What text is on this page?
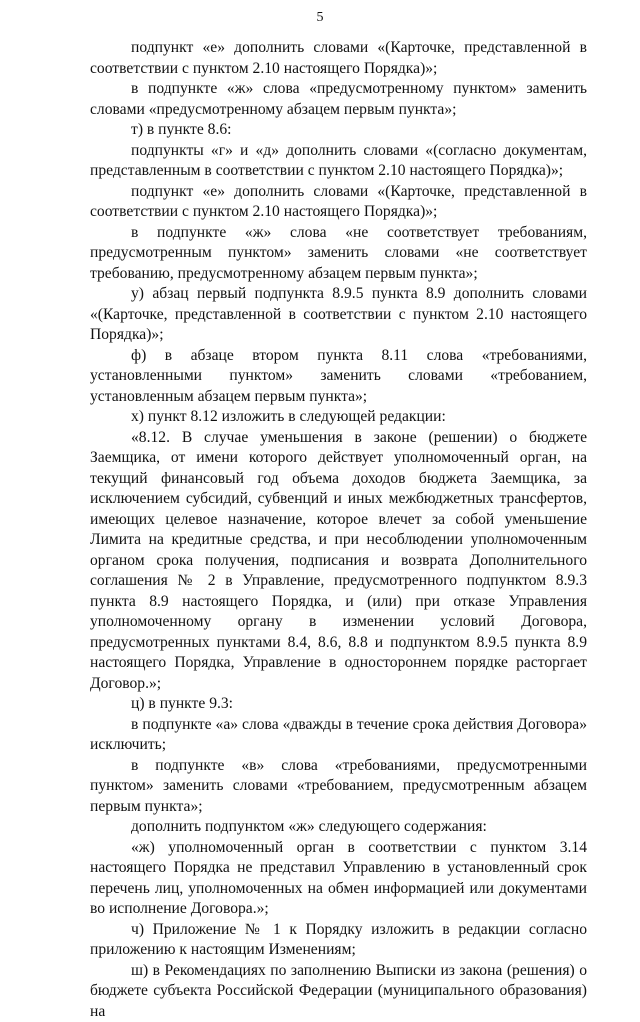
5

подпункт «е» дополнить словами «(Карточке, представленной в соответствии с пунктом 2.10 настоящего Порядка)»;

в подпункте «ж» слова «предусмотренному пунктом» заменить словами «предусмотренному абзацем первым пункта»;

т) в пункте 8.6:

подпункты «г» и «д» дополнить словами «(согласно документам, представленным в соответствии с пунктом 2.10 настоящего Порядка)»;

подпункт «е» дополнить словами «(Карточке, представленной в соответствии с пунктом 2.10 настоящего Порядка)»;

в подпункте «ж» слова «не соответствует требованиям, предусмотренным пунктом» заменить словами «не соответствует требованию, предусмотренному абзацем первым пункта»;

у) абзац первый подпункта 8.9.5 пункта 8.9 дополнить словами «(Карточке, представленной в соответствии с пунктом 2.10 настоящего Порядка)»;

ф) в абзаце втором пункта 8.11 слова «требованиями, установленными пунктом» заменить словами «требованием, установленным абзацем первым пункта»;

х) пункт 8.12 изложить в следующей редакции:

«8.12. В случае уменьшения в законе (решении) о бюджете Заемщика, от имени которого действует уполномоченный орган, на текущий финансовый год объема доходов бюджета Заемщика, за исключением субсидий, субвенций и иных межбюджетных трансфертов, имеющих целевое назначение, которое влечет за собой уменьшение Лимита на кредитные средства, и при несоблюдении уполномоченным органом срока получения, подписания и возврата Дополнительного соглашения № 2 в Управление, предусмотренного подпунктом 8.9.3 пункта 8.9 настоящего Порядка, и (или) при отказе Управления уполномоченному органу в изменении условий Договора, предусмотренных пунктами 8.4, 8.6, 8.8 и подпунктом 8.9.5 пункта 8.9 настоящего Порядка, Управление в одностороннем порядке расторгает Договор.»;

ц) в пункте 9.3:

в подпункте «а» слова «дважды в течение срока действия Договора» исключить;

в подпункте «в» слова «требованиями, предусмотренными пунктом» заменить словами «требованием, предусмотренным абзацем первым пункта»;

дополнить подпунктом «ж» следующего содержания:

«ж) уполномоченный орган в соответствии с пунктом 3.14 настоящего Порядка не представил Управлению в установленный срок перечень лиц, уполномоченных на обмен информацией или документами во исполнение Договора.»;

ч) Приложение № 1 к Порядку изложить в редакции согласно приложению к настоящим Изменениям;

ш) в Рекомендациях по заполнению Выписки из закона (решения) о бюджете субъекта Российской Федерации (муниципального образования) на
